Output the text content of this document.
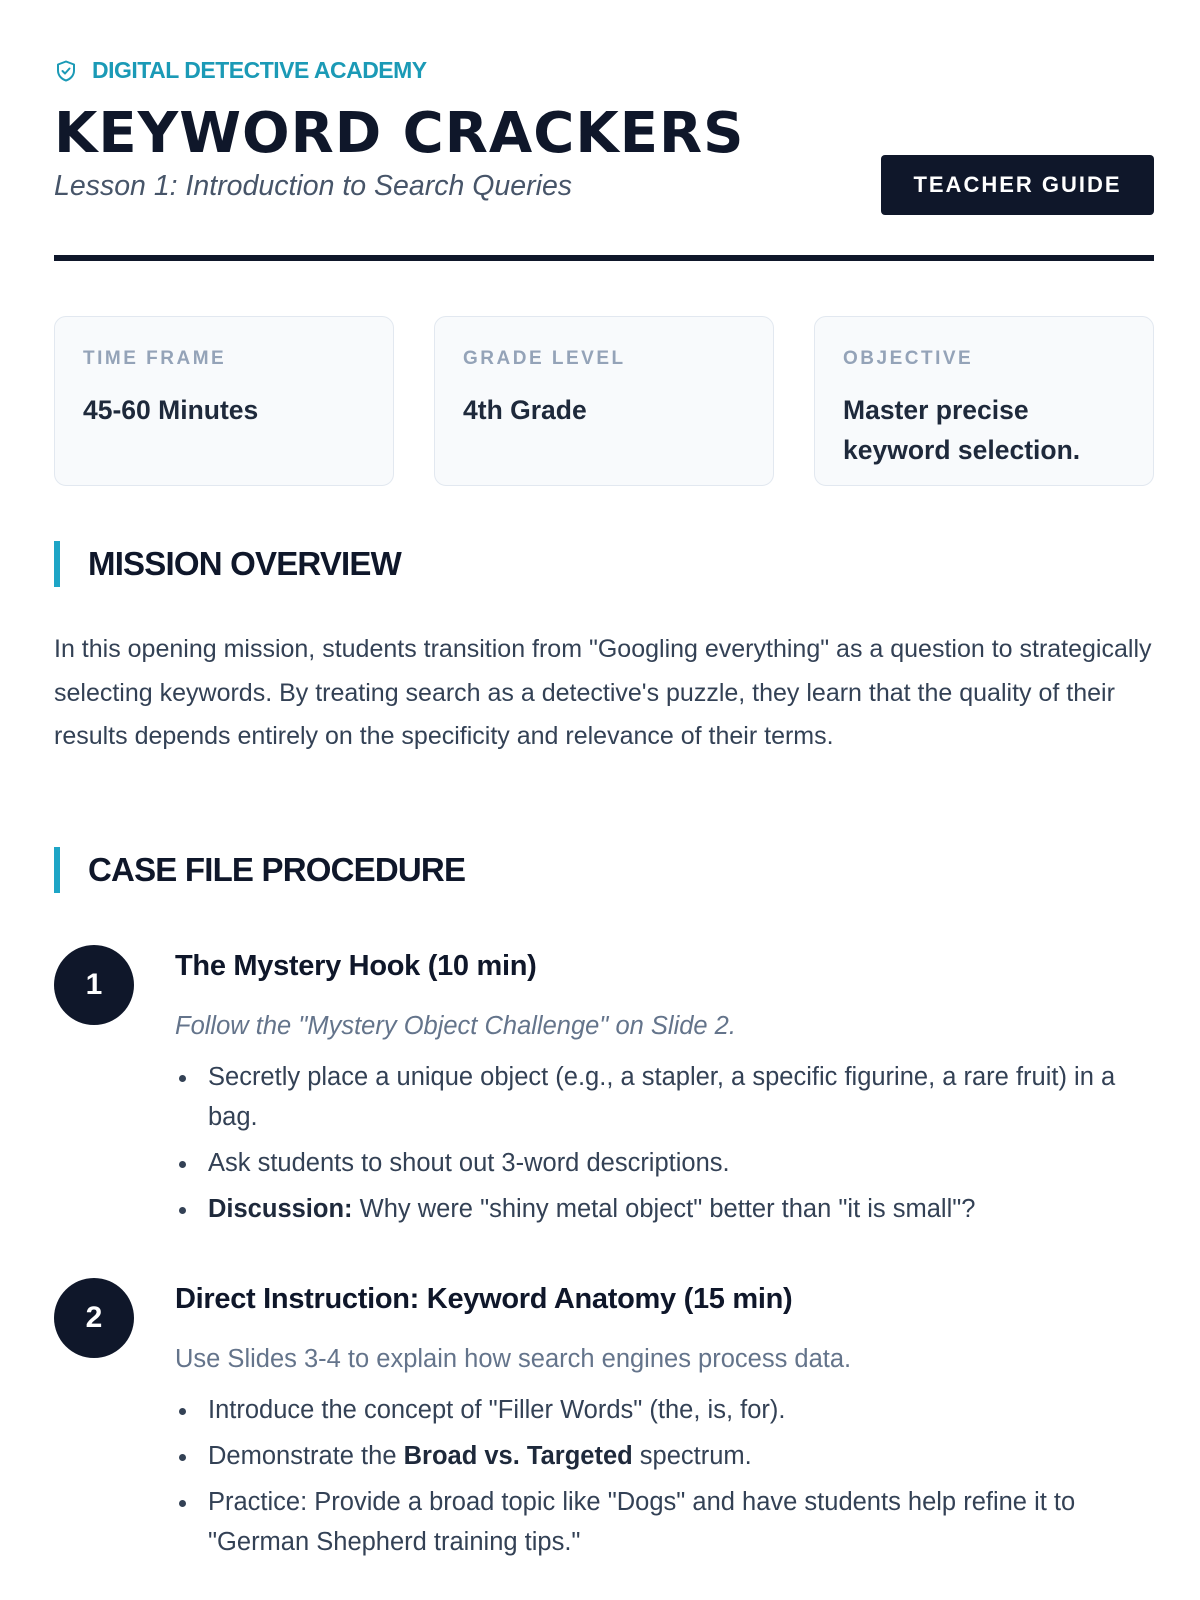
DIGITAL DETECTIVE ACADEMY
KEYWORD CRACKERS
Lesson 1: Introduction to Search Queries	TEACHER GUIDE
TIME FRAME
45-60 Minutes
GRADE LEVEL
4th Grade
OBJECTIVE
Master precise keyword selection.
MISSION OVERVIEW

In this opening mission, students transition from "Googling everything" as a question to strategically selecting keywords. By treating search as a detective's puzzle, they learn that the quality of their results depends entirely on the specificity and relevance of their terms.

CASE FILE PROCEDURE
1
The Mystery Hook (10 min)
Follow the "Mystery Object Challenge" on Slide 2.
Secretly place a unique object (e.g., a stapler, a specific figurine, a rare fruit) in a bag.
Ask students to shout out 3-word descriptions.
Discussion: Why were "shiny metal object" better than "it is small"?
2
Direct Instruction: Keyword Anatomy (15 min)
Use Slides 3-4 to explain how search engines process data.
Introduce the concept of "Filler Words" (the, is, for).
Demonstrate the Broad vs. Targeted spectrum.
Practice: Provide a broad topic like "Dogs" and have students help refine it to "German Shepherd training tips."
